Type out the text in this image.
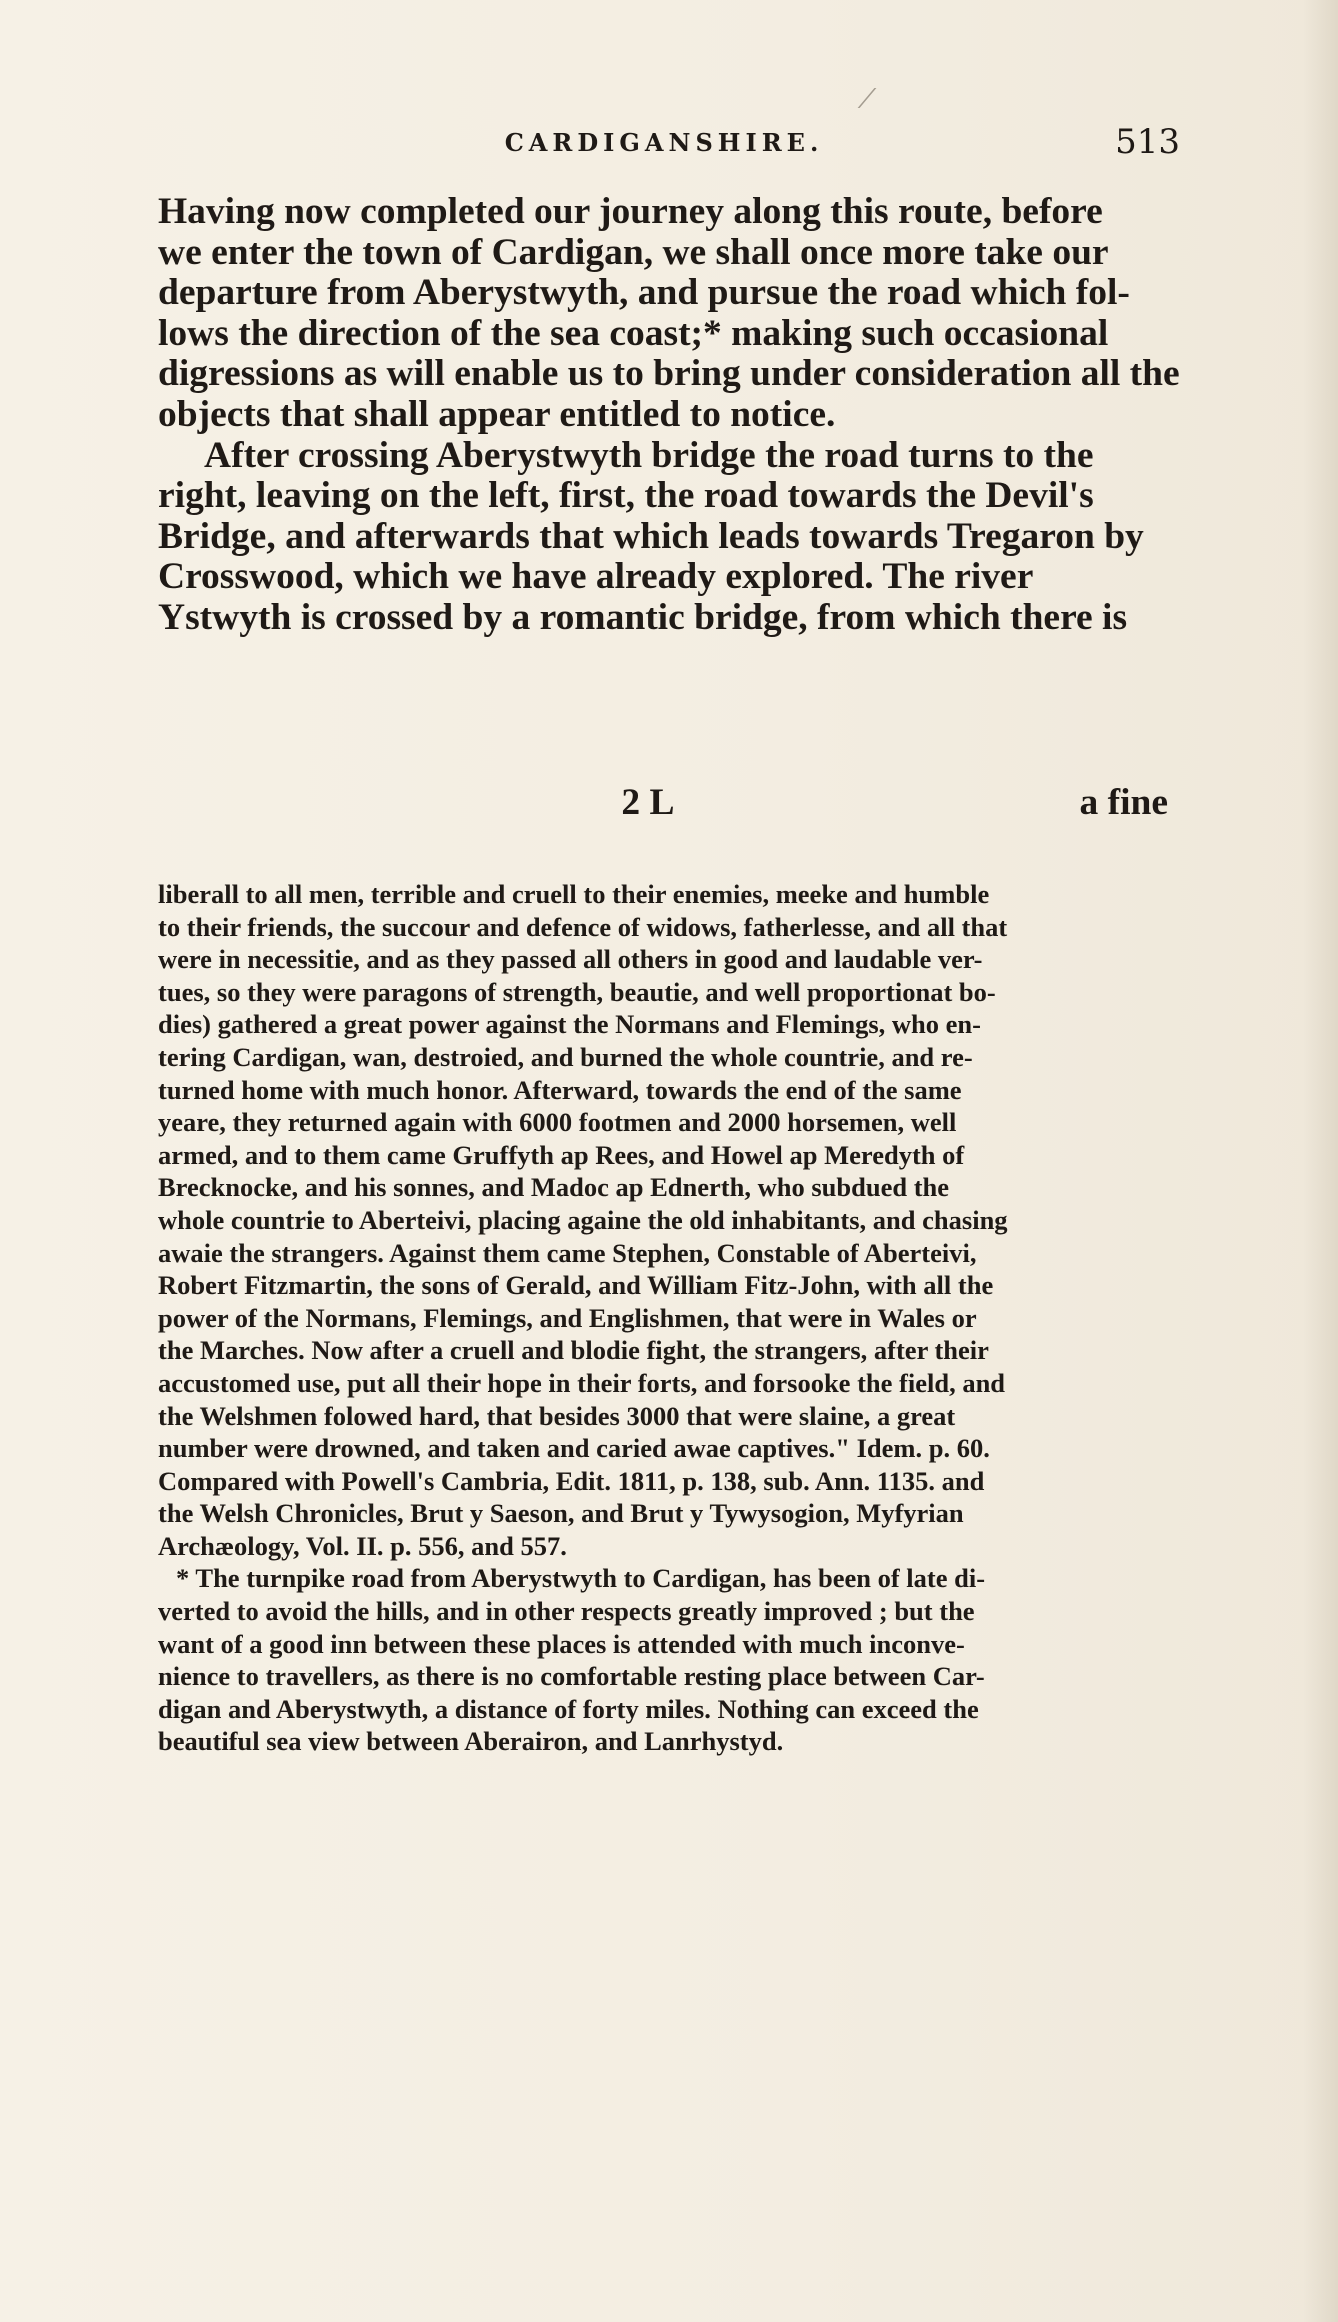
CARDIGANSHIRE.	513

Having now completed our journey along this route, before
we enter the town of Cardigan, we shall once more take our
departure from Aberystwyth, and pursue the road which fol-
lows the direction of the sea coast;* making such occasional
digressions as will enable us to bring under consideration all the
objects that shall appear entitled to notice.

After crossing Aberystwyth bridge the road turns to the
right, leaving on the left, first, the road towards the Devil's
Bridge, and afterwards that which leads towards Tregaron by
Crosswood, which we have already explored. The river
Ystwyth is crossed by a romantic bridge, from which there is

2 L	a fine
liberall to all men, terrible and cruell to their enemies, meeke and humble
to their friends, the succour and defence of widows, fatherlesse, and all that
were in necessitie, and as they passed all others in good and laudable ver-
tues, so they were paragons of strength, beautie, and well proportionat bo-
dies) gathered a great power against the Normans and Flemings, who en-
tering Cardigan, wan, destroied, and burned the whole countrie, and re-
turned home with much honor. Afterward, towards the end of the same
yeare, they returned again with 6000 footmen and 2000 horsemen, well
armed, and to them came Gruffyth ap Rees, and Howel ap Meredyth of
Brecknocke, and his sonnes, and Madoc ap Ednerth, who subdued the
whole countrie to Aberteivi, placing againe the old inhabitants, and chasing
awaie the strangers. Against them came Stephen, Constable of Aberteivi,
Robert Fitzmartin, the sons of Gerald, and William Fitz-John, with all the
power of the Normans, Flemings, and Englishmen, that were in Wales or
the Marches. Now after a cruell and blodie fight, the strangers, after their
accustomed use, put all their hope in their forts, and forsooke the field, and
the Welshmen folowed hard, that besides 3000 that were slaine, a great
number were drowned, and taken and caried awae captives." Idem. p. 60.
Compared with Powell's Cambria, Edit. 1811, p. 138, sub. Ann. 1135. and
the Welsh Chronicles, Brut y Saeson, and Brut y Tywysogion, Myfyrian
Archæology, Vol. II. p. 556, and 557.
* The turnpike road from Aberystwyth to Cardigan, has been of late di-
verted to avoid the hills, and in other respects greatly improved ; but the
want of a good inn between these places is attended with much inconve-
nience to travellers, as there is no comfortable resting place between Car-
digan and Aberystwyth, a distance of forty miles. Nothing can exceed the
beautiful sea view between Aberairon, and Lanrhystyd.
